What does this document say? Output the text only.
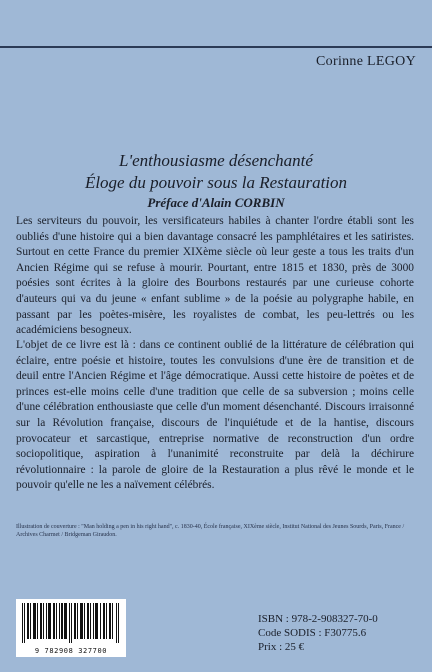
Corinne LEGOY
L'enthousiasme désenchanté
Éloge du pouvoir sous la Restauration
Préface d'Alain CORBIN
Les serviteurs du pouvoir, les versificateurs habiles à chanter l'ordre établi sont les oubliés d'une histoire qui a bien davantage consacré les pamphlétaires et les satiristes. Surtout en cette France du premier XIXème siècle où leur geste a tous les traits d'un Ancien Régime qui se refuse à mourir. Pourtant, entre 1815 et 1830, près de 3000 poésies sont écrites à la gloire des Bourbons restaurés par une curieuse cohorte d'auteurs qui va du jeune « enfant sublime » de la poésie au polygraphe habile, en passant par les poètes-misère, les royalistes de combat, les peu-lettrés ou les académiciens besogneux.
L'objet de ce livre est là : dans ce continent oublié de la littérature de célébration qui éclaire, entre poésie et histoire, toutes les convulsions d'une ère de transition et de deuil entre l'Ancien Régime et l'âge démocratique. Aussi cette histoire de poètes et de princes est-elle moins celle d'une tradition que celle de sa subversion ; moins celle d'une célébration enthousiaste que celle d'un moment désenchanté. Discours irraisonné sur la Révolution française, discours de l'inquiétude et de la hantise, discours provocateur et sarcastique, entreprise normative de reconstruction d'un ordre sociopolitique, aspiration à l'unanimité reconstruite par delà la déchirure révolutionnaire : la parole de gloire de la Restauration a plus rêvé le monde et le pouvoir qu'elle ne les a naïvement célébrés.
Illustration de couverture : "Man holding a pen in his right hand", c. 1830-40, École française, XIXème siècle, Institut National des Jeunes Sourds, Paris, France / Archives Charmet / Bridgeman Giraudon.
9 782908 327700
ISBN : 978-2-908327-70-0
Code SODIS : F30775.6
Prix : 25 €
